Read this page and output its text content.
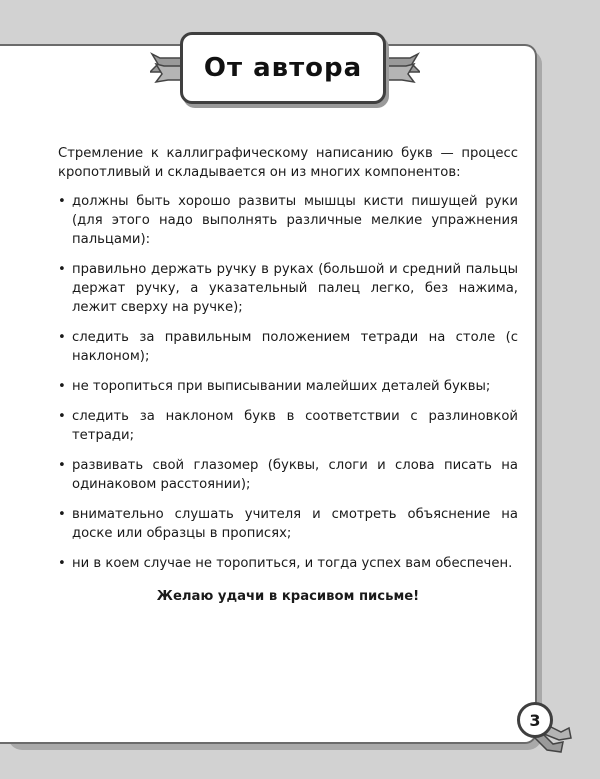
От автора

Стремление к каллиграфическому написанию букв — процесс кропотливый и складывается он из многих компонентов:

• должны быть хорошо развиты мышцы кисти пишущей руки (для этого надо выполнять различные мелкие упражнения пальцами):
• правильно держать ручку в руках (большой и средний пальцы держат ручку, а указательный палец легко, без нажима, лежит сверху на ручке);
• следить за правильным положением тетради на столе (с наклоном);
• не торопиться при выписывании малейших деталей буквы;
• следить за наклоном букв в соответствии с разлиновкой тетради;
• развивать свой глазомер (буквы, слоги и слова писать на одинаковом расстоянии);
• внимательно слушать учителя и смотреть объяснение на доске или образцы в прописях;
• ни в коем случае не торопиться, и тогда успех вам обеспечен.

Желаю удачи в красивом письме!

3
